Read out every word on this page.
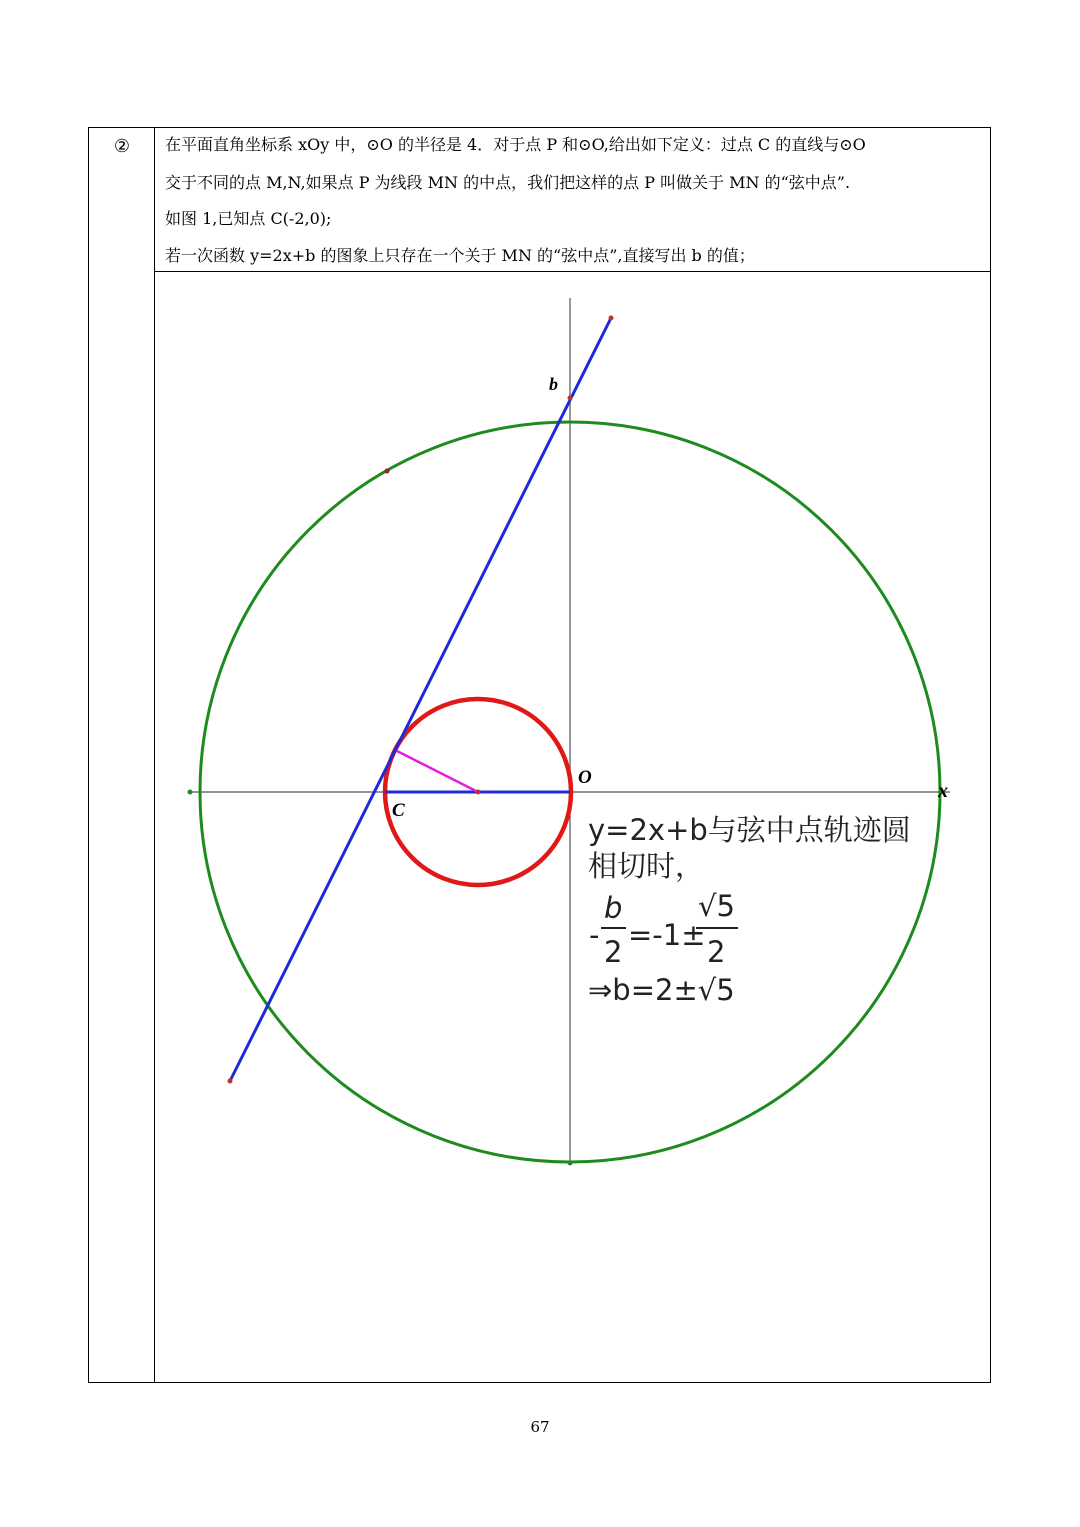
②	在平面直角坐标系 xOy 中，⊙O 的半径是 4．对于点 P 和⊙O,给出如下定义：过点 C 的直线与⊙O
交于不同的点 M,N,如果点 P 为线段 MN 的中点，我们把这样的点 P 叫做关于 MN 的“弦中点”.
如图 1,已知点 C(-2,0);
若一次函数 y=2x+b 的图象上只存在一个关于 MN 的“弦中点”,直接写出 b 的值；
b
O
C
x
y=2x+b与弦中点轨迹圆
相切时，
-
b
2 =-1±
√5
2
⇒b=2±√5
67
